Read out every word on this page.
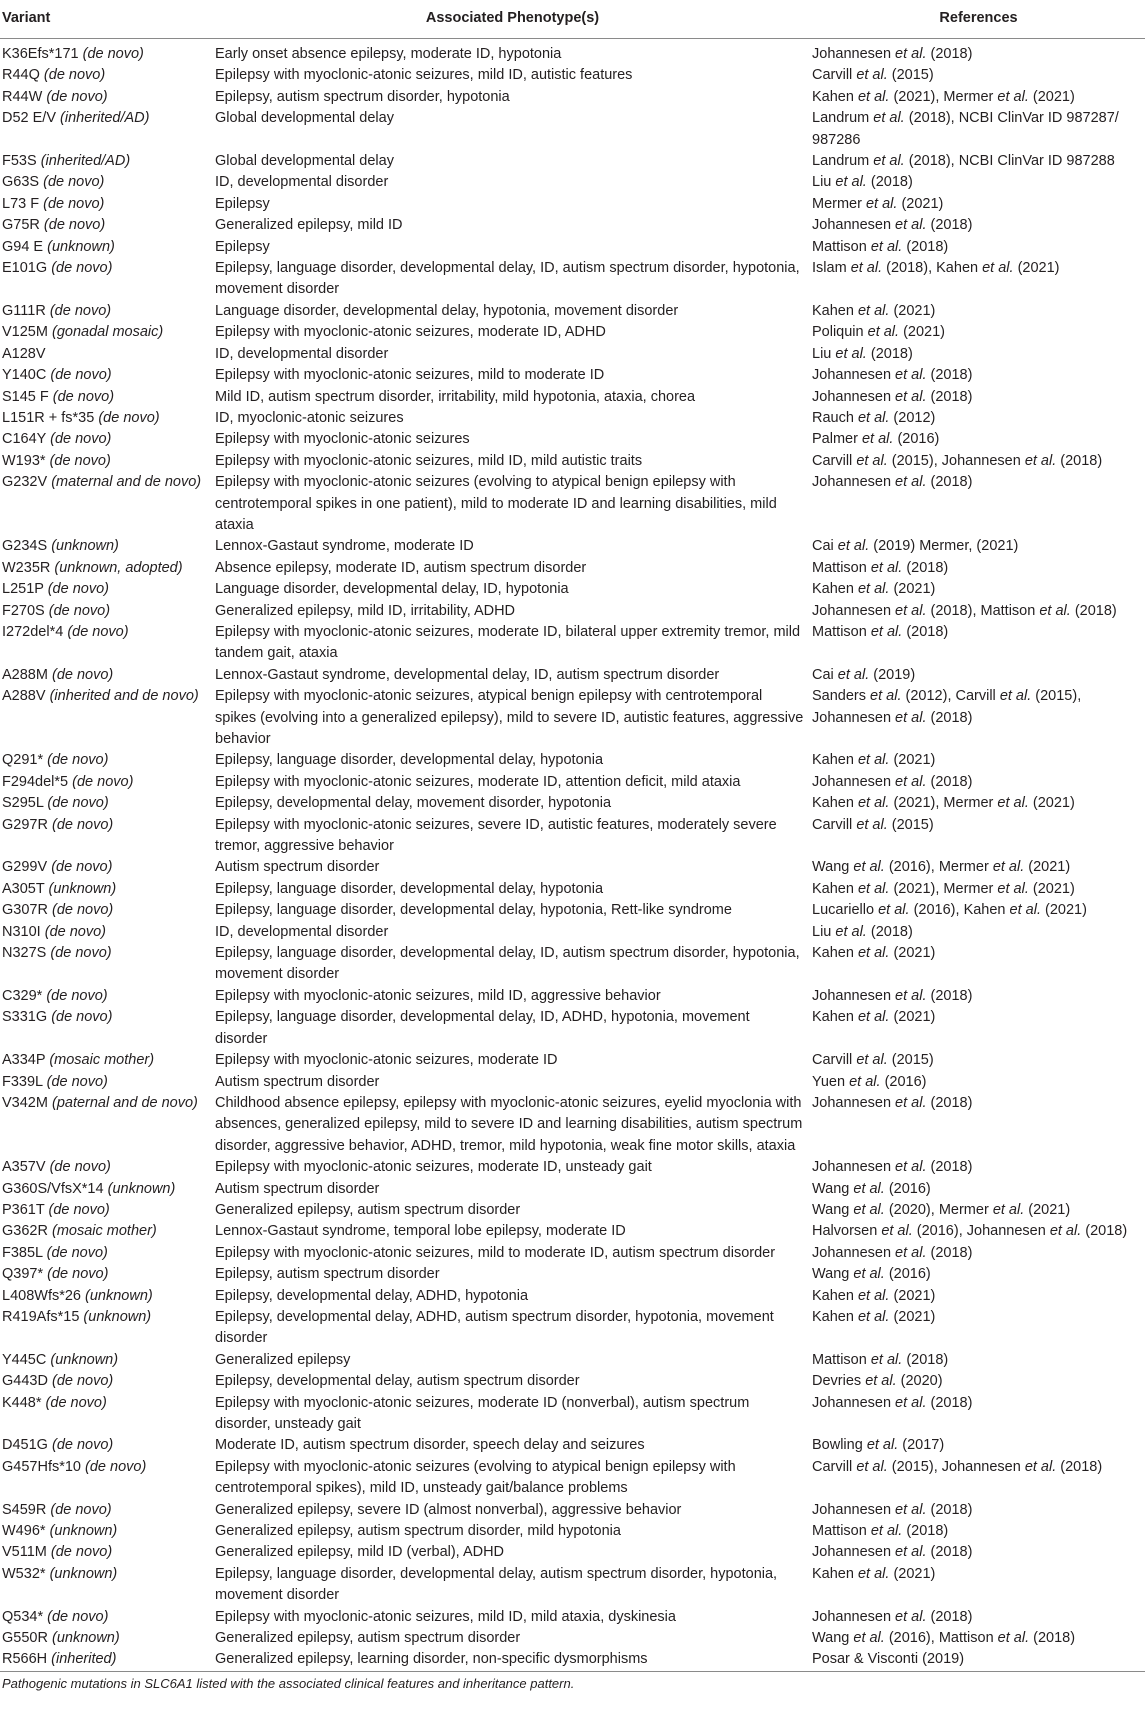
Variant	Associated Phenotype(s)	References
K36Efs*171 (de novo)	Early onset absence epilepsy, moderate ID, hypotonia	Johannesen et al. (2018)
R44Q (de novo)	Epilepsy with myoclonic-atonic seizures, mild ID, autistic features	Carvill et al. (2015)
R44W (de novo)	Epilepsy, autism spectrum disorder, hypotonia	Kahen et al. (2021), Mermer et al. (2021)
D52 E/V (inherited/AD)	Global developmental delay	Landrum et al. (2018), NCBI ClinVar ID 987287/ 987286
F53S (inherited/AD)	Global developmental delay	Landrum et al. (2018), NCBI ClinVar ID 987288
G63S (de novo)	ID, developmental disorder	Liu et al. (2018)
L73 F (de novo)	Epilepsy	Mermer et al. (2021)
G75R (de novo)	Generalized epilepsy, mild ID	Johannesen et al. (2018)
G94 E (unknown)	Epilepsy	Mattison et al. (2018)
E101G (de novo)	Epilepsy, language disorder, developmental delay, ID, autism spectrum disorder, hypotonia, movement disorder	Islam et al. (2018), Kahen et al. (2021)
G111R (de novo)	Language disorder, developmental delay, hypotonia, movement disorder	Kahen et al. (2021)
V125M (gonadal mosaic)	Epilepsy with myoclonic-atonic seizures, moderate ID, ADHD	Poliquin et al. (2021)
A128V	ID, developmental disorder	Liu et al. (2018)
Y140C (de novo)	Epilepsy with myoclonic-atonic seizures, mild to moderate ID	Johannesen et al. (2018)
S145 F (de novo)	Mild ID, autism spectrum disorder, irritability, mild hypotonia, ataxia, chorea	Johannesen et al. (2018)
L151R + fs*35 (de novo)	ID, myoclonic-atonic seizures	Rauch et al. (2012)
C164Y (de novo)	Epilepsy with myoclonic-atonic seizures	Palmer et al. (2016)
W193* (de novo)	Epilepsy with myoclonic-atonic seizures, mild ID, mild autistic traits	Carvill et al. (2015), Johannesen et al. (2018)
G232V (maternal and de novo)	Epilepsy with myoclonic-atonic seizures (evolving to atypical benign epilepsy with centrotemporal spikes in one patient), mild to moderate ID and learning disabilities, mild ataxia	Johannesen et al. (2018)
G234S (unknown)	Lennox-Gastaut syndrome, moderate ID	Cai et al. (2019) Mermer, (2021)
W235R (unknown, adopted)	Absence epilepsy, moderate ID, autism spectrum disorder	Mattison et al. (2018)
L251P (de novo)	Language disorder, developmental delay, ID, hypotonia	Kahen et al. (2021)
F270S (de novo)	Generalized epilepsy, mild ID, irritability, ADHD	Johannesen et al. (2018), Mattison et al. (2018)
I272del*4 (de novo)	Epilepsy with myoclonic-atonic seizures, moderate ID, bilateral upper extremity tremor, mild tandem gait, ataxia	Mattison et al. (2018)
A288M (de novo)	Lennox-Gastaut syndrome, developmental delay, ID, autism spectrum disorder	Cai et al. (2019)
A288V (inherited and de novo)	Epilepsy with myoclonic-atonic seizures, atypical benign epilepsy with centrotemporal spikes (evolving into a generalized epilepsy), mild to severe ID, autistic features, aggressive behavior	Sanders et al. (2012), Carvill et al. (2015), Johannesen et al. (2018)
Q291* (de novo)	Epilepsy, language disorder, developmental delay, hypotonia	Kahen et al. (2021)
F294del*5 (de novo)	Epilepsy with myoclonic-atonic seizures, moderate ID, attention deficit, mild ataxia	Johannesen et al. (2018)
S295L (de novo)	Epilepsy, developmental delay, movement disorder, hypotonia	Kahen et al. (2021), Mermer et al. (2021)
G297R (de novo)	Epilepsy with myoclonic-atonic seizures, severe ID, autistic features, moderately severe tremor, aggressive behavior	Carvill et al. (2015)
G299V (de novo)	Autism spectrum disorder	Wang et al. (2016), Mermer et al. (2021)
A305T (unknown)	Epilepsy, language disorder, developmental delay, hypotonia	Kahen et al. (2021), Mermer et al. (2021)
G307R (de novo)	Epilepsy, language disorder, developmental delay, hypotonia, Rett-like syndrome	Lucariello et al. (2016), Kahen et al. (2021)
N310I (de novo)	ID, developmental disorder	Liu et al. (2018)
N327S (de novo)	Epilepsy, language disorder, developmental delay, ID, autism spectrum disorder, hypotonia, movement disorder	Kahen et al. (2021)
C329* (de novo)	Epilepsy with myoclonic-atonic seizures, mild ID, aggressive behavior	Johannesen et al. (2018)
S331G (de novo)	Epilepsy, language disorder, developmental delay, ID, ADHD, hypotonia, movement disorder	Kahen et al. (2021)
A334P (mosaic mother)	Epilepsy with myoclonic-atonic seizures, moderate ID	Carvill et al. (2015)
F339L (de novo)	Autism spectrum disorder	Yuen et al. (2016)
V342M (paternal and de novo)	Childhood absence epilepsy, epilepsy with myoclonic-atonic seizures, eyelid myoclonia with absences, generalized epilepsy, mild to severe ID and learning disabilities, autism spectrum disorder, aggressive behavior, ADHD, tremor, mild hypotonia, weak fine motor skills, ataxia	Johannesen et al. (2018)
A357V (de novo)	Epilepsy with myoclonic-atonic seizures, moderate ID, unsteady gait	Johannesen et al. (2018)
G360S/VfsX*14 (unknown)	Autism spectrum disorder	Wang et al. (2016)
P361T (de novo)	Generalized epilepsy, autism spectrum disorder	Wang et al. (2020), Mermer et al. (2021)
G362R (mosaic mother)	Lennox-Gastaut syndrome, temporal lobe epilepsy, moderate ID	Halvorsen et al. (2016), Johannesen et al. (2018)
F385L (de novo)	Epilepsy with myoclonic-atonic seizures, mild to moderate ID, autism spectrum disorder	Johannesen et al. (2018)
Q397* (de novo)	Epilepsy, autism spectrum disorder	Wang et al. (2016)
L408Wfs*26 (unknown)	Epilepsy, developmental delay, ADHD, hypotonia	Kahen et al. (2021)
R419Afs*15 (unknown)	Epilepsy, developmental delay, ADHD, autism spectrum disorder, hypotonia, movement disorder	Kahen et al. (2021)
Y445C (unknown)	Generalized epilepsy	Mattison et al. (2018)
G443D (de novo)	Epilepsy, developmental delay, autism spectrum disorder	Devries et al. (2020)
K448* (de novo)	Epilepsy with myoclonic-atonic seizures, moderate ID (nonverbal), autism spectrum disorder, unsteady gait	Johannesen et al. (2018)
D451G (de novo)	Moderate ID, autism spectrum disorder, speech delay and seizures	Bowling et al. (2017)
G457Hfs*10 (de novo)	Epilepsy with myoclonic-atonic seizures (evolving to atypical benign epilepsy with centrotemporal spikes), mild ID, unsteady gait/balance problems	Carvill et al. (2015), Johannesen et al. (2018)
S459R (de novo)	Generalized epilepsy, severe ID (almost nonverbal), aggressive behavior	Johannesen et al. (2018)
W496* (unknown)	Generalized epilepsy, autism spectrum disorder, mild hypotonia	Mattison et al. (2018)
V511M (de novo)	Generalized epilepsy, mild ID (verbal), ADHD	Johannesen et al. (2018)
W532* (unknown)	Epilepsy, language disorder, developmental delay, autism spectrum disorder, hypotonia, movement disorder	Kahen et al. (2021)
Q534* (de novo)	Epilepsy with myoclonic-atonic seizures, mild ID, mild ataxia, dyskinesia	Johannesen et al. (2018)
G550R (unknown)	Generalized epilepsy, autism spectrum disorder	Wang et al. (2016), Mattison et al. (2018)
R566H (inherited)	Generalized epilepsy, learning disorder, non-specific dysmorphisms	Posar & Visconti (2019)
Pathogenic mutations in SLC6A1 listed with the associated clinical features and inheritance pattern.
